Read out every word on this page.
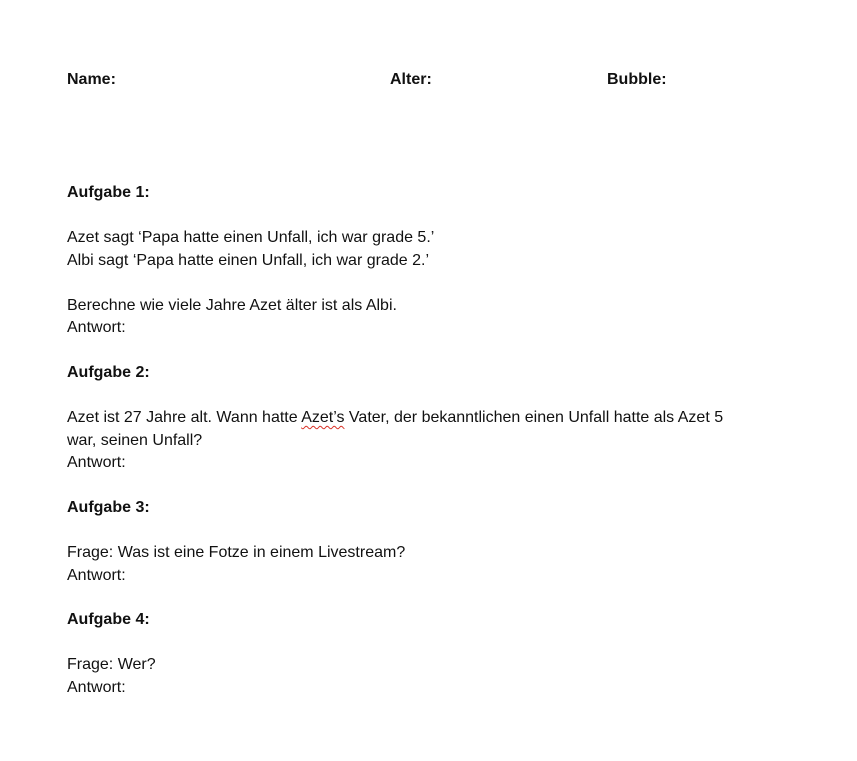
Name:	Alter:	Bubble:
Aufgabe 1:
Azet sagt ‘Papa hatte einen Unfall, ich war grade 5.’
Albi sagt ‘Papa hatte einen Unfall, ich war grade 2.’
Berechne wie viele Jahre Azet älter ist als Albi.
Antwort:
Aufgabe 2:
Azet ist 27 Jahre alt. Wann hatte Azet’s Vater, der bekanntlichen einen Unfall hatte als Azet 5
war, seinen Unfall?
Antwort:
Aufgabe 3:
Frage: Was ist eine Fotze in einem Livestream?
Antwort:
Aufgabe 4:
Frage: Wer?
Antwort:
